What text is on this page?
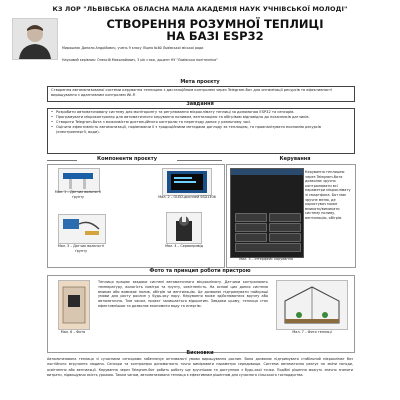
КЗ ЛОР "ЛЬВІВСЬКА ОБЛАСНА МАЛА АКАДЕМІЯ НАУК УЧНІВСЬКОЇ МОЛОДІ"
СТВОРЕННЯ РОЗУМНОЇ ТЕПЛИЦІ
НА БАЗІ ESP32
Мирошник Данило Андрійович, учень 9 класу Ліцею №60 Львівської міської ради
Науковий керівник: Олексій Миколайович, 3 рік стаж, доцент НУ "Львівська політехніка"
Мета проєкту
Створення автоматизованої системи керування теплицею з дистанційним контролем через Telegram-бот для оптимізації ресурсів та ефективності вирощування з адаптивним контролем Wi-Fi
Завдання
• Розробити автоматизовану систему для моніторингу та регулювання мікроклімату теплиці за допомогою ESP32 та сенсорів.
• Програмувати мікроконтролер для автоматичного керування поливом, вентиляцією та обігрівом відповідно до показників датчиків.
• Створити Telegram-бота з можливістю дистанційного контролю та перегляду даних у реальному часі.
• Оцінити ефективність автоматизації, порівнюючи її з традиційними методами догляду за теплицею, та проаналізувати економію ресурсів (електроенергії, води).
Компоненти проєкту
Мал. 1 – Датчик вологості ґрунту	Мал. 2 – OLED-дисплей SSD1306
Мал. 3 – Датчик вологості ґрунту
Мал. 4 – Сервопривід
Керування
Мал. 5 – Інтерфейс керування
Керування теплицею через Telegram-бота дозволяє зручно контролювати всі параметри мікроклімату зі смартфона. Бот має зручне меню, де користувач може вмикати/вимикати систему поливу, вентиляцію, обігрів.
Фото та принцип роботи пристрою
Мал. 6 – Фото
Теплиця працює завдяки системі автоматичного мікроклімату. Датчики контролюють температуру, вологість повітря та ґрунту, освітленість. На основі цих даних система вмикає або вимикає полив, обігрів чи вентиляцію. Це дозволяє підтримувати найкращі умови для росту рослин у будь-яку пору. Керування може здійснюватися вручну або автоматично. Тим часом, проєкт залишається відкритим. Завдяки цьому, теплиця стає ефективнішою та дозволяє економити воду та енергію.
Мал. 7 – Фото теплиці
Висновки
Автоматизована теплиця зі сучасними сенсорами забезпечує оптимальні умови вирощування рослин. Вона дозволяє підтримувати стабільний мікроклімат без постійного втручання людини. Сенсори та контролери допомагають точно вимірювати параметри середовища. Система автоматично реагує на зміни погоди, освітлення або вентиляції. Керування через Telegram-бот робить роботу ще зручнішою та доступною з будь-якої точки. Подібні рішення можуть значно знизити витрати, підвищуючи якість урожаю. Таким чином, автоматизована теплиця є ефективним рішенням для сучасного сільського господарства.
